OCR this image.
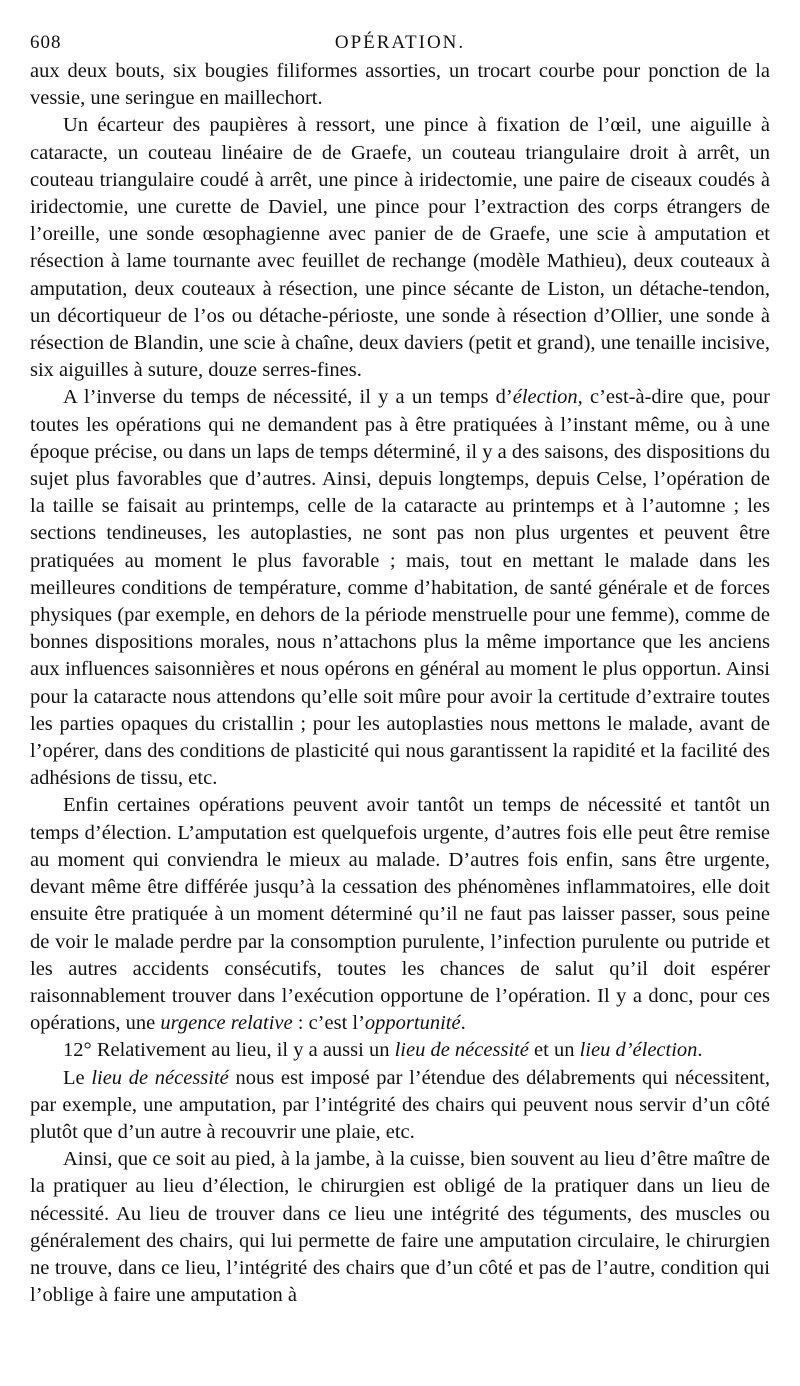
608	OPÉRATION.

aux deux bouts, six bougies filiformes assorties, un trocart courbe pour ponction de la vessie, une seringue en maillechort.

Un écarteur des paupières à ressort, une pince à fixation de l’œil, une aiguille à cataracte, un couteau linéaire de de Graefe, un couteau triangulaire droit à arrêt, un couteau triangulaire coudé à arrêt, une pince à iridectomie, une paire de ciseaux coudés à iridectomie, une curette de Daviel, une pince pour l’extraction des corps étrangers de l’oreille, une sonde œsophagienne avec panier de de Graefe, une scie à amputation et résection à lame tournante avec feuillet de rechange (modèle Mathieu), deux couteaux à amputation, deux couteaux à résection, une pince sécante de Liston, un détache-tendon, un décortiqueur de l’os ou détache-périoste, une sonde à résection d’Ollier, une sonde à résection de Blandin, une scie à chaîne, deux daviers (petit et grand), une tenaille incisive, six aiguilles à suture, douze serres-fines.

A l’inverse du temps de nécessité, il y a un temps d’élection, c’est-à-dire que, pour toutes les opérations qui ne demandent pas à être pratiquées à l’instant même, ou à une époque précise, ou dans un laps de temps déterminé, il y a des saisons, des dispositions du sujet plus favorables que d’autres. Ainsi, depuis longtemps, depuis Celse, l’opération de la taille se faisait au printemps, celle de la cataracte au printemps et à l’automne ; les sections tendineuses, les autoplasties, ne sont pas non plus urgentes et peuvent être pratiquées au moment le plus favorable ; mais, tout en mettant le malade dans les meilleures conditions de température, comme d’habitation, de santé générale et de forces physiques (par exemple, en dehors de la période menstruelle pour une femme), comme de bonnes dispositions morales, nous n’attachons plus la même importance que les anciens aux influences saisonnières et nous opérons en général au moment le plus opportun. Ainsi pour la cataracte nous attendons qu’elle soit mûre pour avoir la certitude d’extraire toutes les parties opaques du cristallin ; pour les autoplasties nous mettons le malade, avant de l’opérer, dans des conditions de plasticité qui nous garantissent la rapidité et la facilité des adhésions de tissu, etc.

Enfin certaines opérations peuvent avoir tantôt un temps de nécessité et tantôt un temps d’élection. L’amputation est quelquefois urgente, d’autres fois elle peut être remise au moment qui conviendra le mieux au malade. D’autres fois enfin, sans être urgente, devant même être différée jusqu’à la cessation des phénomènes inflammatoires, elle doit ensuite être pratiquée à un moment déterminé qu’il ne faut pas laisser passer, sous peine de voir le malade perdre par la consomption purulente, l’infection purulente ou putride et les autres accidents consécutifs, toutes les chances de salut qu’il doit espérer raisonnablement trouver dans l’exécution opportune de l’opération. Il y a donc, pour ces opérations, une urgence relative : c’est l’opportunité.

12° Relativement au lieu, il y a aussi un lieu de nécessité et un lieu d’élection.

Le lieu de nécessité nous est imposé par l’étendue des délabrements qui nécessitent, par exemple, une amputation, par l’intégrité des chairs qui peuvent nous servir d’un côté plutôt que d’un autre à recouvrir une plaie, etc.

Ainsi, que ce soit au pied, à la jambe, à la cuisse, bien souvent au lieu d’être maître de la pratiquer au lieu d’élection, le chirurgien est obligé de la pratiquer dans un lieu de nécessité. Au lieu de trouver dans ce lieu une intégrité des téguments, des muscles ou généralement des chairs, qui lui permette de faire une amputation circulaire, le chirurgien ne trouve, dans ce lieu, l’intégrité des chairs que d’un côté et pas de l’autre, condition qui l’oblige à faire une amputation à
